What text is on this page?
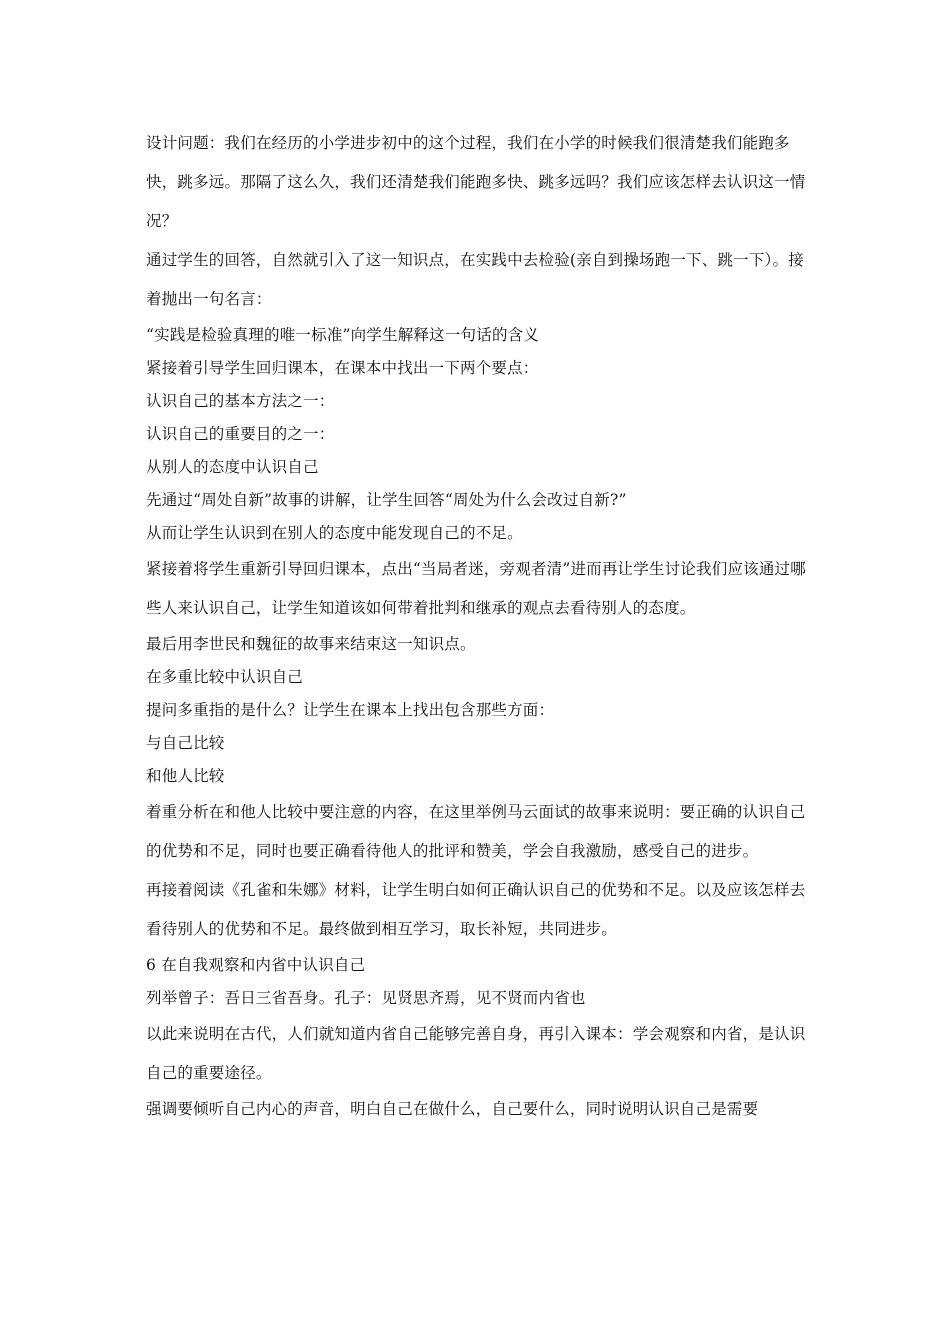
设计问题：我们在经历的小学进步初中的这个过程，我们在小学的时候我们很清楚我们能跑多快，跳多远。那隔了这么久，我们还清楚我们能跑多快、跳多远吗？我们应该怎样去认识这一情况？

通过学生的回答，自然就引入了这一知识点，在实践中去检验(亲自到操场跑一下、跳一下）。接着抛出一句名言：

“实践是检验真理的唯一标准”向学生解释这一句话的含义

紧接着引导学生回归课本，在课本中找出一下两个要点：

认识自己的基本方法之一：

认识自己的重要目的之一：

从别人的态度中认识自己

先通过“周处自新”故事的讲解，让学生回答“周处为什么会改过自新?”

从而让学生认识到在别人的态度中能发现自己的不足。

紧接着将学生重新引导回归课本，点出“当局者迷，旁观者清”进而再让学生讨论我们应该通过哪些人来认识自己，让学生知道该如何带着批判和继承的观点去看待别人的态度。

最后用李世民和魏征的故事来结束这一知识点。

在多重比较中认识自己

提问多重指的是什么？让学生在课本上找出包含那些方面：

与自己比较

和他人比较

着重分析在和他人比较中要注意的内容，在这里举例马云面试的故事来说明：要正确的认识自己的优势和不足，同时也要正确看待他人的批评和赞美，学会自我激励，感受自己的进步。

再接着阅读《孔雀和朱娜》材料，让学生明白如何正确认识自己的优势和不足。以及应该怎样去看待别人的优势和不足。最终做到相互学习，取长补短，共同进步。

6 在自我观察和内省中认识自己

列举曾子：吾日三省吾身。孔子：见贤思齐焉，见不贤而内省也

以此来说明在古代，人们就知道内省自己能够完善自身，再引入课本：学会观察和内省，是认识自己的重要途径。

强调要倾听自己内心的声音，明白自己在做什么，自己要什么，同时说明认识自己是需要
